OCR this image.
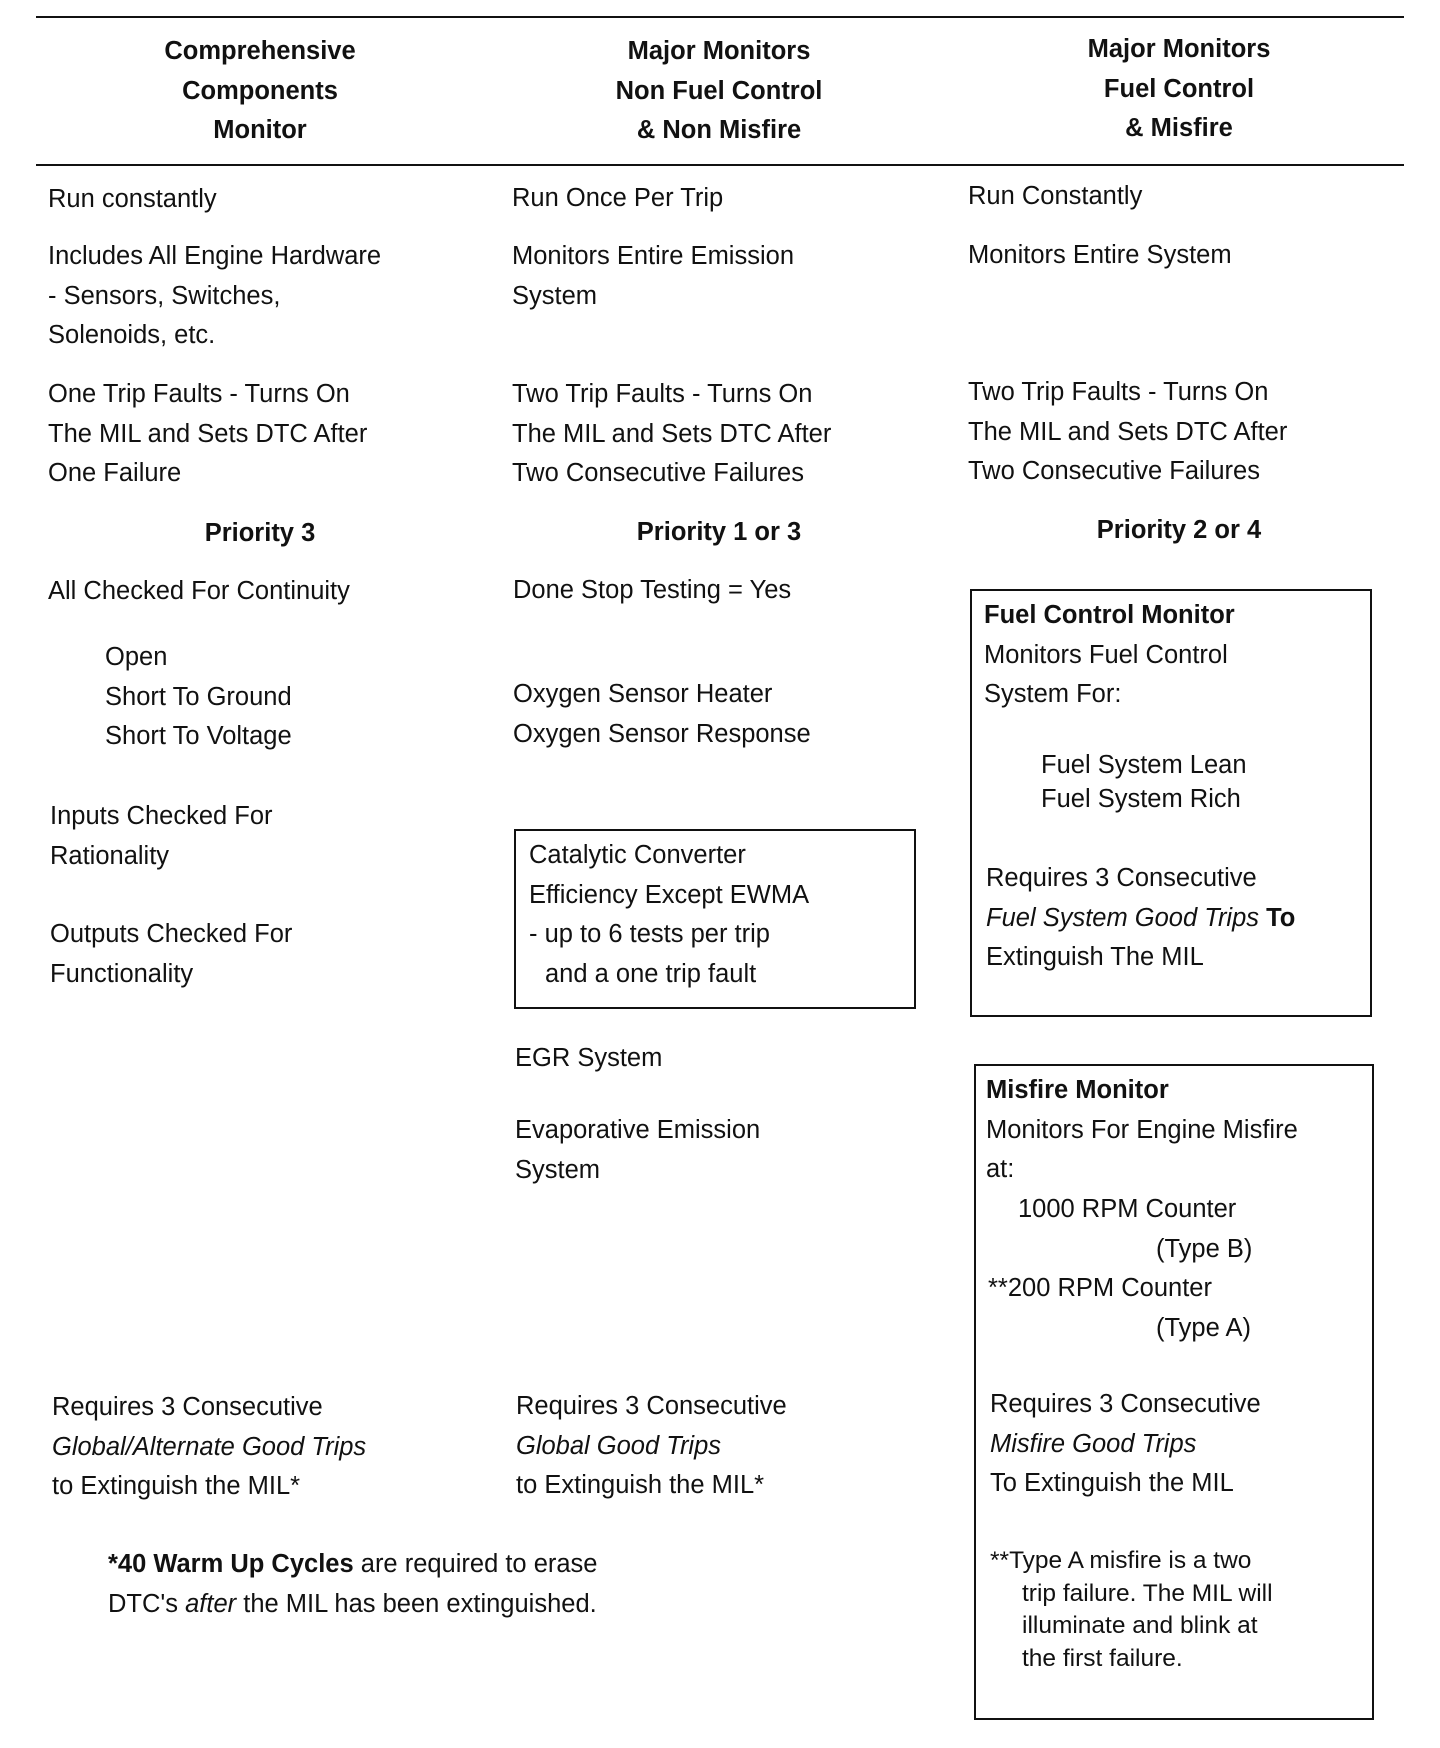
Comprehensive
Components
Monitor
Major Monitors
Non Fuel Control
& Non Misfire
Major Monitors
Fuel Control
& Misfire
Run constantly
Includes All Engine Hardware
- Sensors, Switches,
Solenoids, etc.
One Trip Faults - Turns On
The MIL and Sets DTC After
One Failure
Priority 3
All Checked For Continuity
Open
Short To Ground
Short To Voltage
Inputs Checked For
Rationality
Outputs Checked For
Functionality
Requires 3 Consecutive
Global/Alternate Good Trips
to Extinguish the MIL*
*40 Warm Up Cycles are required to erase
DTC's after the MIL has been extinguished.
Run Once Per Trip
Monitors Entire Emission
System
Two Trip Faults - Turns On
The MIL and Sets DTC After
Two Consecutive Failures
Priority 1 or 3
Done Stop Testing = Yes
Oxygen Sensor Heater
Oxygen Sensor Response
Catalytic Converter
Efficiency Except EWMA
- up to 6 tests per trip
and a one trip fault
EGR System
Evaporative Emission
System
Requires 3 Consecutive
Global Good Trips
to Extinguish the MIL*
Run Constantly
Monitors Entire System
Two Trip Faults - Turns On
The MIL and Sets DTC After
Two Consecutive Failures
Priority 2 or 4
Fuel Control Monitor
Monitors Fuel Control
System For:
Fuel System Lean
Fuel System Rich
Requires 3 Consecutive
Fuel System Good Trips To
Extinguish The MIL
Misfire Monitor
Monitors For Engine Misfire
at:
1000 RPM Counter
(Type B)
**200 RPM Counter
(Type A)
Requires 3 Consecutive
Misfire Good Trips
To Extinguish the MIL
**Type A misfire is a two
trip failure. The MIL will
illuminate and blink at
the first failure.
